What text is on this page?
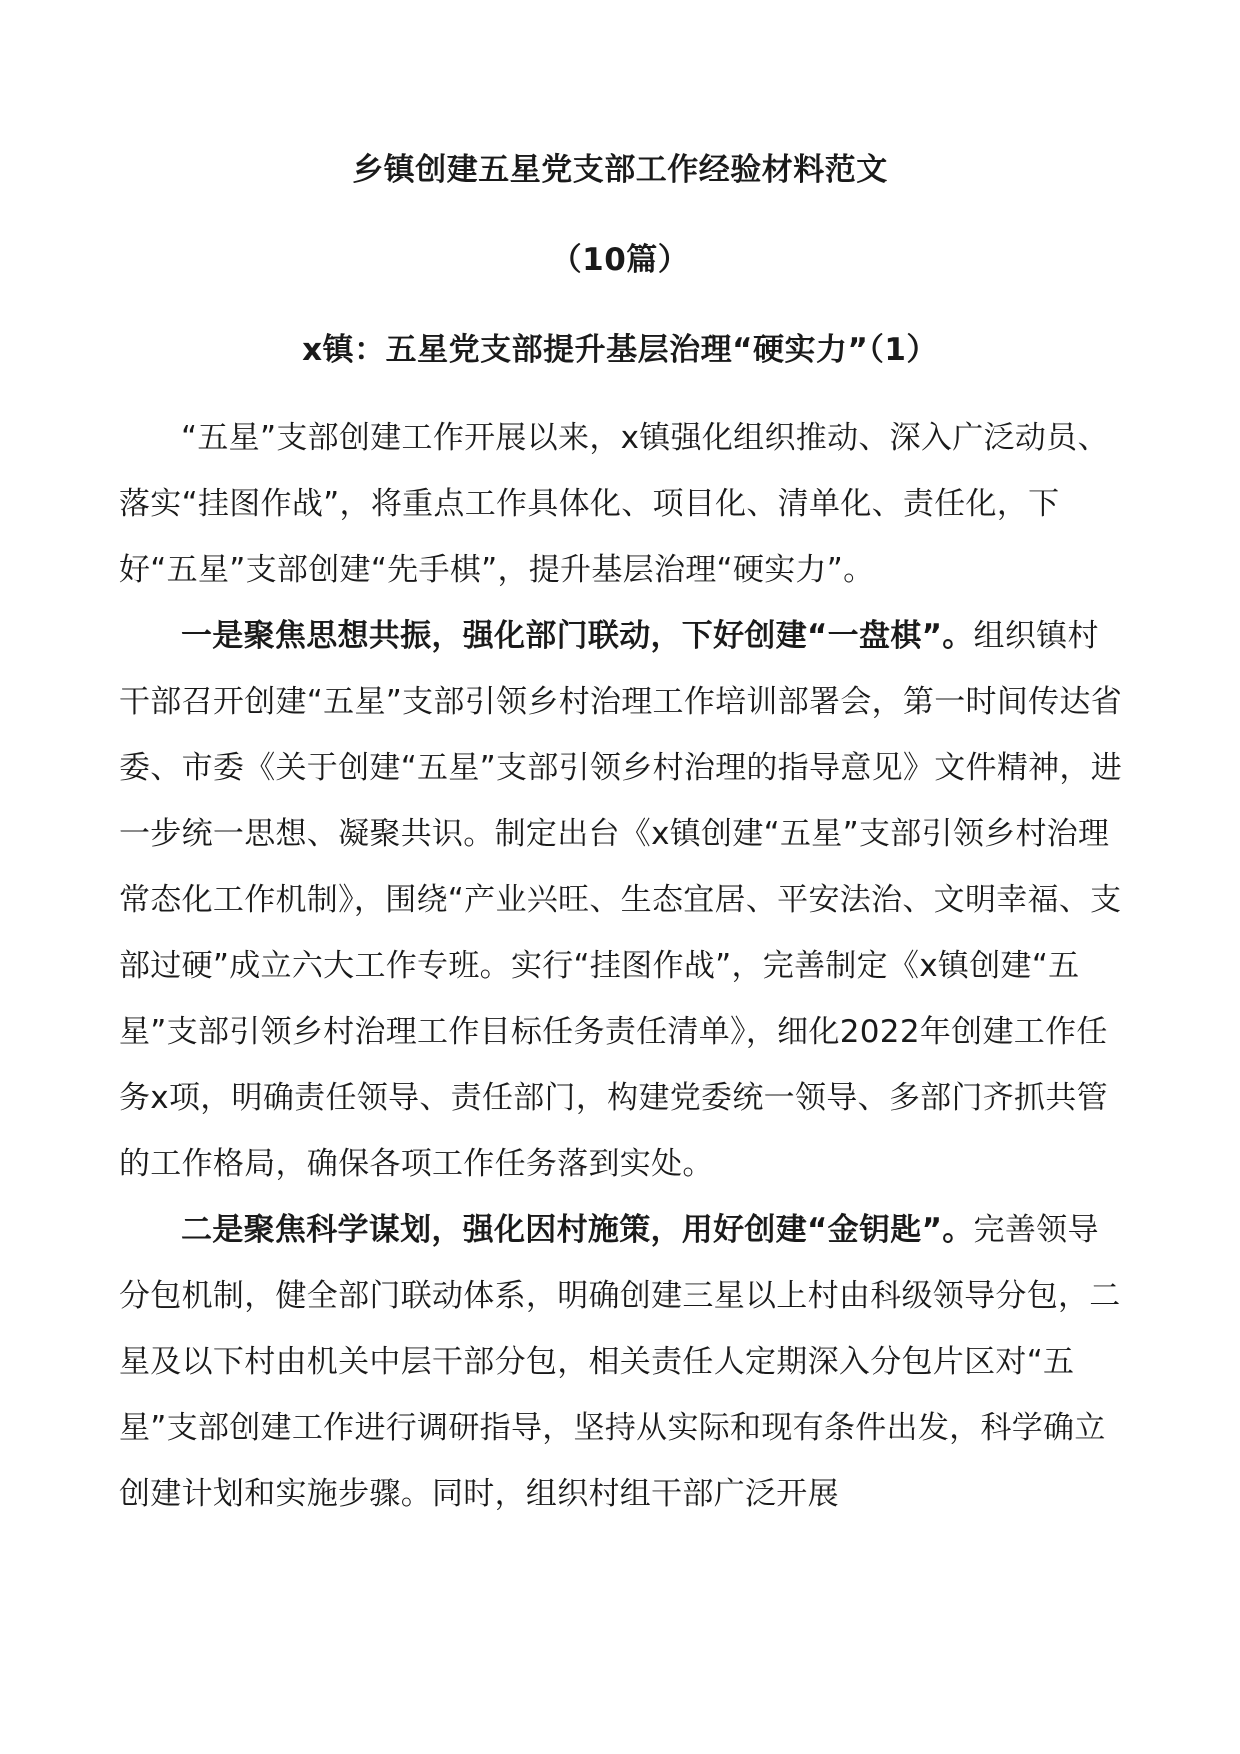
乡镇创建五星党支部工作经验材料范文
（10篇）
x镇：五星党支部提升基层治理“硬实力”（1）

“五星”支部创建工作开展以来，x镇强化组织推动、深入广泛动员、落实“挂图作战”，将重点工作具体化、项目化、清单化、责任化，下好“五星”支部创建“先手棋”，提升基层治理“硬实力”。

一是聚焦思想共振，强化部门联动，下好创建“一盘棋”。组织镇村干部召开创建“五星”支部引领乡村治理工作培训部署会，第一时间传达省委、市委《关于创建“五星”支部引领乡村治理的指导意见》文件精神，进一步统一思想、凝聚共识。制定出台《x镇创建“五星”支部引领乡村治理常态化工作机制》，围绕“产业兴旺、生态宜居、平安法治、文明幸福、支部过硬”成立六大工作专班。实行“挂图作战”，完善制定《x镇创建“五星”支部引领乡村治理工作目标任务责任清单》，细化2022年创建工作任务x项，明确责任领导、责任部门，构建党委统一领导、多部门齐抓共管的工作格局，确保各项工作任务落到实处。

二是聚焦科学谋划，强化因村施策，用好创建“金钥匙”。完善领导分包机制，健全部门联动体系，明确创建三星以上村由科级领导分包，二星及以下村由机关中层干部分包，相关责任人定期深入分包片区对“五星”支部创建工作进行调研指导，坚持从实际和现有条件出发，科学确立创建计划和实施步骤。同时，组织村组干部广泛开展
